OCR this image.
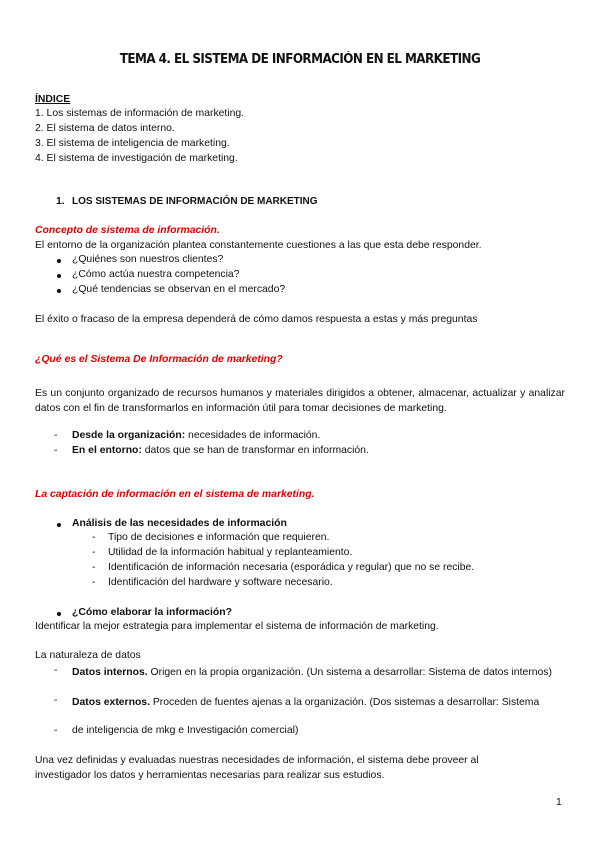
TEMA 4. EL SISTEMA DE INFORMACIÓN EN EL MARKETING
ÍNDICE
1. Los sistemas de información de marketing.
2. El sistema de datos interno.
3. El sistema de inteligencia de marketing.
4. El sistema de investigación de marketing.
1. LOS SISTEMAS DE INFORMACIÓN DE MARKETING
Concepto de sistema de información.
El entorno de la organización plantea constantemente cuestiones a las que esta debe responder.
¿Quiénes son nuestros clientes?
¿Cómo actúa nuestra competencia?
¿Qué tendencias se observan en el mercado?
El éxito o fracaso de la empresa dependerá de cómo damos respuesta a estas y más preguntas
¿Qué es el Sistema De Información de marketing?
Es un conjunto organizado de recursos humanos y materiales dirigidos a obtener, almacenar, actualizar y analizar datos con el fin de transformarlos en información útil para tomar decisiones de marketing.
- Desde la organización: necesidades de información.
- En el entorno: datos que se han de transformar en información.
La captación de información en el sistema de marketing.
Análisis de las necesidades de información
- Tipo de decisiones e información que requieren.
- Utilidad de la información habitual y replanteamiento.
- Identificación de información necesaria (esporádica y regular) que no se recibe.
- Identificación del hardware y software necesario.
¿Cómo elaborar la información?
Identificar la mejor estrategia para implementar el sistema de información de marketing.
La naturaleza de datos
- Datos internos. Origen en la propia organización. (Un sistema a desarrollar: Sistema de datos internos)
- Datos externos. Proceden de fuentes ajenas a la organización. (Dos sistemas a desarrollar: Sistema
- de inteligencia de mkg e Investigación comercial)
Una vez definidas y evaluadas nuestras necesidades de información, el sistema debe proveer al
investigador los datos y herramientas necesarias para realizar sus estudios.
1
